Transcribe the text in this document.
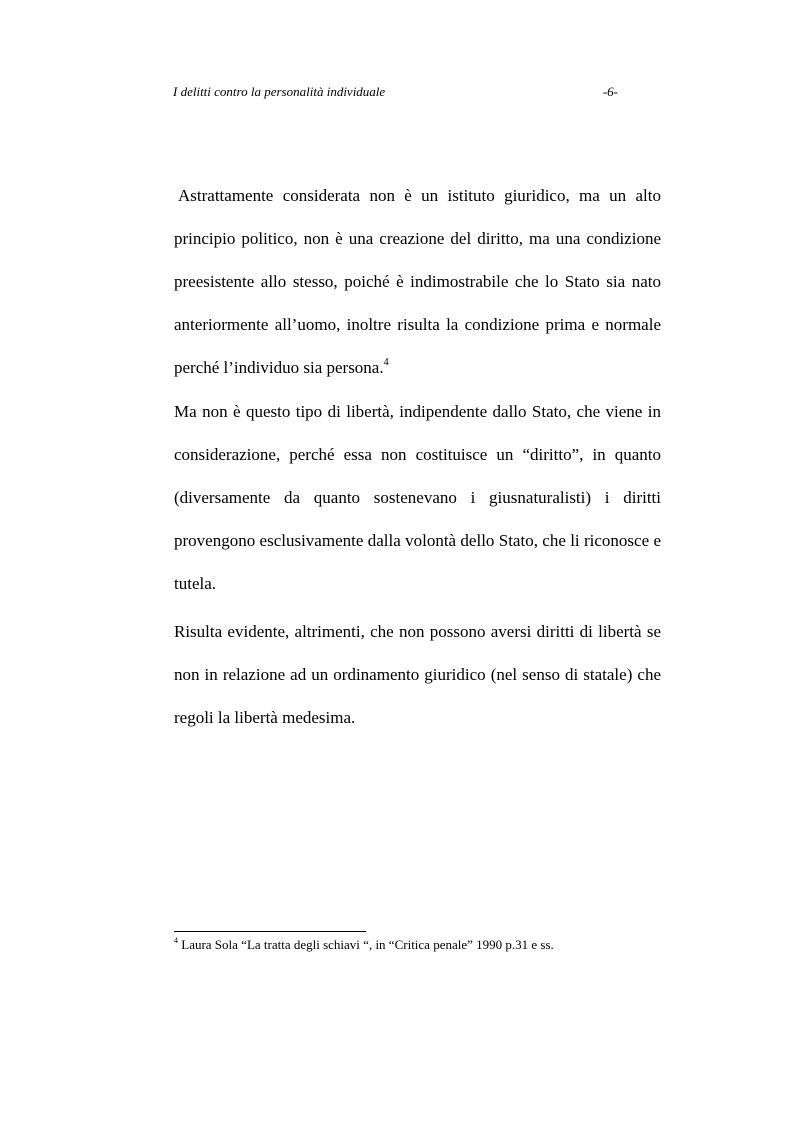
I delitti contro la personalità individuale	-6-

Astrattamente considerata non è un istituto giuridico, ma un alto principio politico, non è una creazione del diritto, ma una condizione preesistente allo stesso, poiché è indimostrabile che lo Stato sia nato anteriormente all’uomo, inoltre risulta la condizione prima e normale perché l’individuo sia persona.$^4$

Ma non è questo tipo di libertà, indipendente dallo Stato, che viene in considerazione, perché essa non costituisce un “diritto”, in quanto (diversamente da quanto sostenevano i giusnaturalisti) i diritti provengono esclusivamente dalla volontà dello Stato, che li riconosce e tutela.

Risulta evidente, altrimenti, che non possono aversi diritti di libertà se non in relazione ad un ordinamento giuridico (nel senso di statale) che regoli la libertà medesima.

$^4$ Laura Sola “La tratta degli schiavi “, in “Critica penale” 1990 p.31 e ss.
